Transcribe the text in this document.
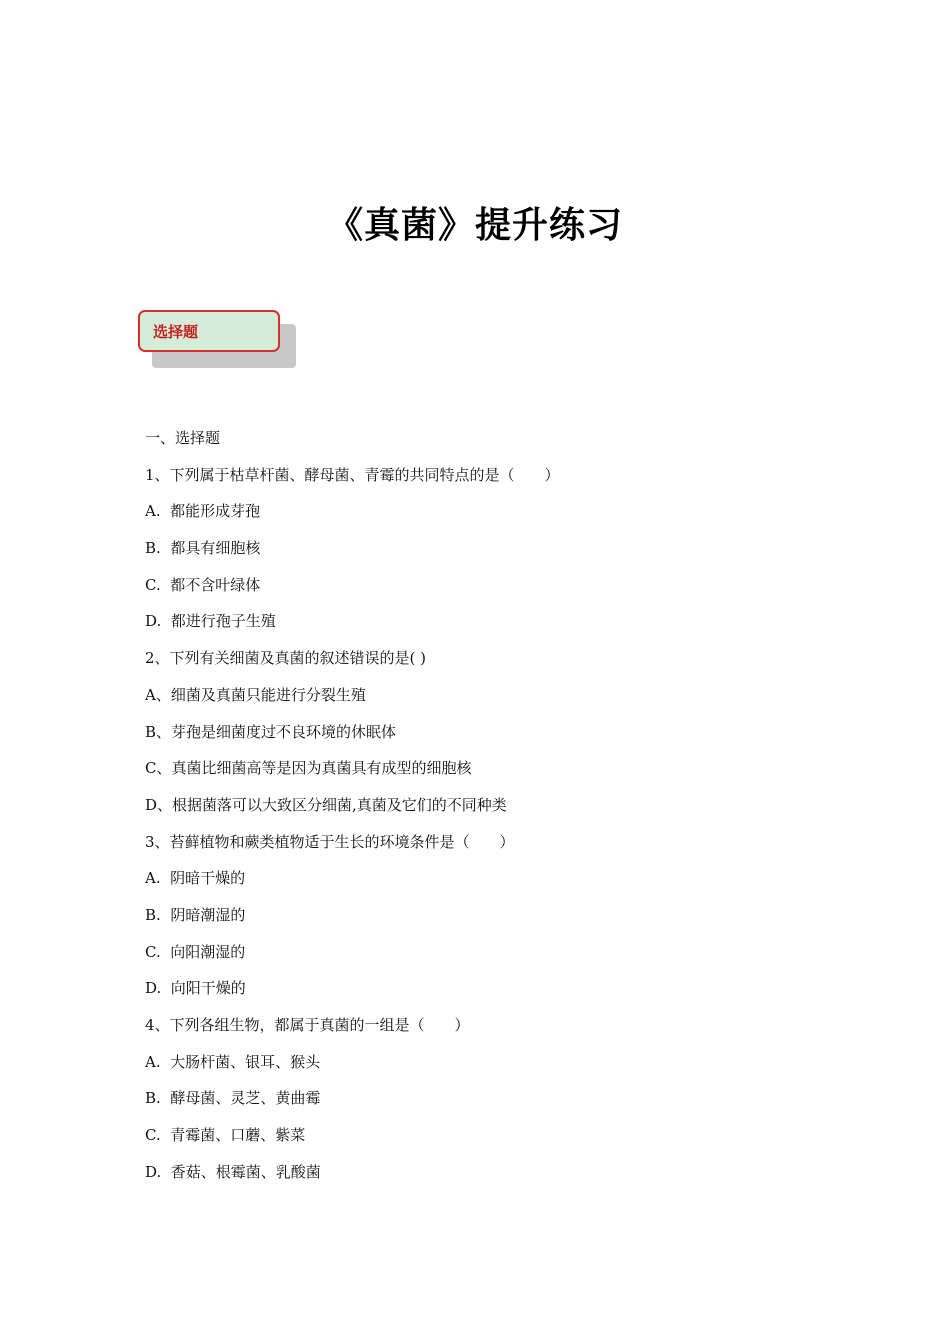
《真菌》提升练习
选择题
一、选择题
1、下列属于枯草杆菌、酵母菌、青霉的共同特点的是（　　）
A.  都能形成芽孢
B.  都具有细胞核
C.  都不含叶绿体
D.  都进行孢子生殖
2、下列有关细菌及真菌的叙述错误的是( )
A、细菌及真菌只能进行分裂生殖
B、芽孢是细菌度过不良环境的休眠体
C、真菌比细菌高等是因为真菌具有成型的细胞核
D、根据菌落可以大致区分细菌,真菌及它们的不同种类
3、苔藓植物和蕨类植物适于生长的环境条件是（　　）
A.  阴暗干燥的
B.  阴暗潮湿的
C.  向阳潮湿的
D.  向阳干燥的
4、下列各组生物，都属于真菌的一组是（　　）
A.  大肠杆菌、银耳、猴头
B.  酵母菌、灵芝、黄曲霉
C.  青霉菌、口蘑、紫菜
D.  香菇、根霉菌、乳酸菌
